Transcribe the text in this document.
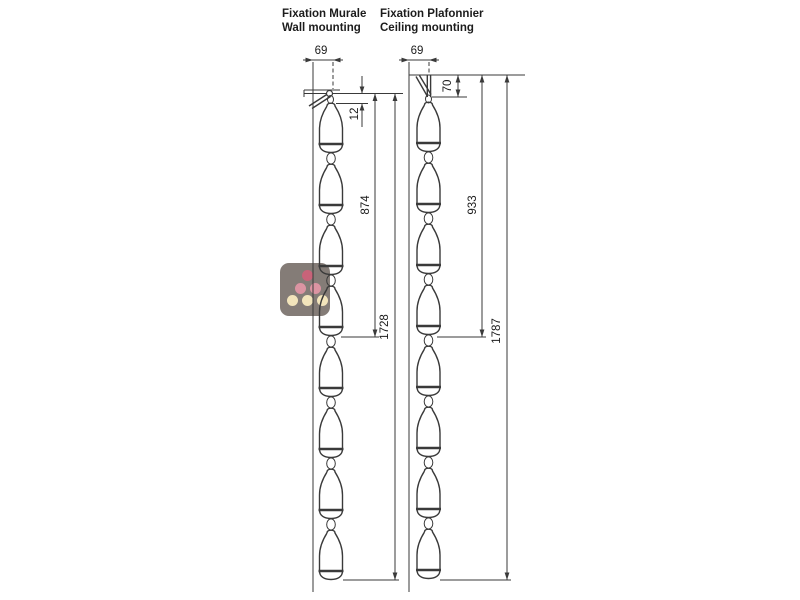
Fixation Murale
Wall mounting
Fixation Plafonnier
Ceiling mounting
69
12
874
1728
69
70
933
1787
